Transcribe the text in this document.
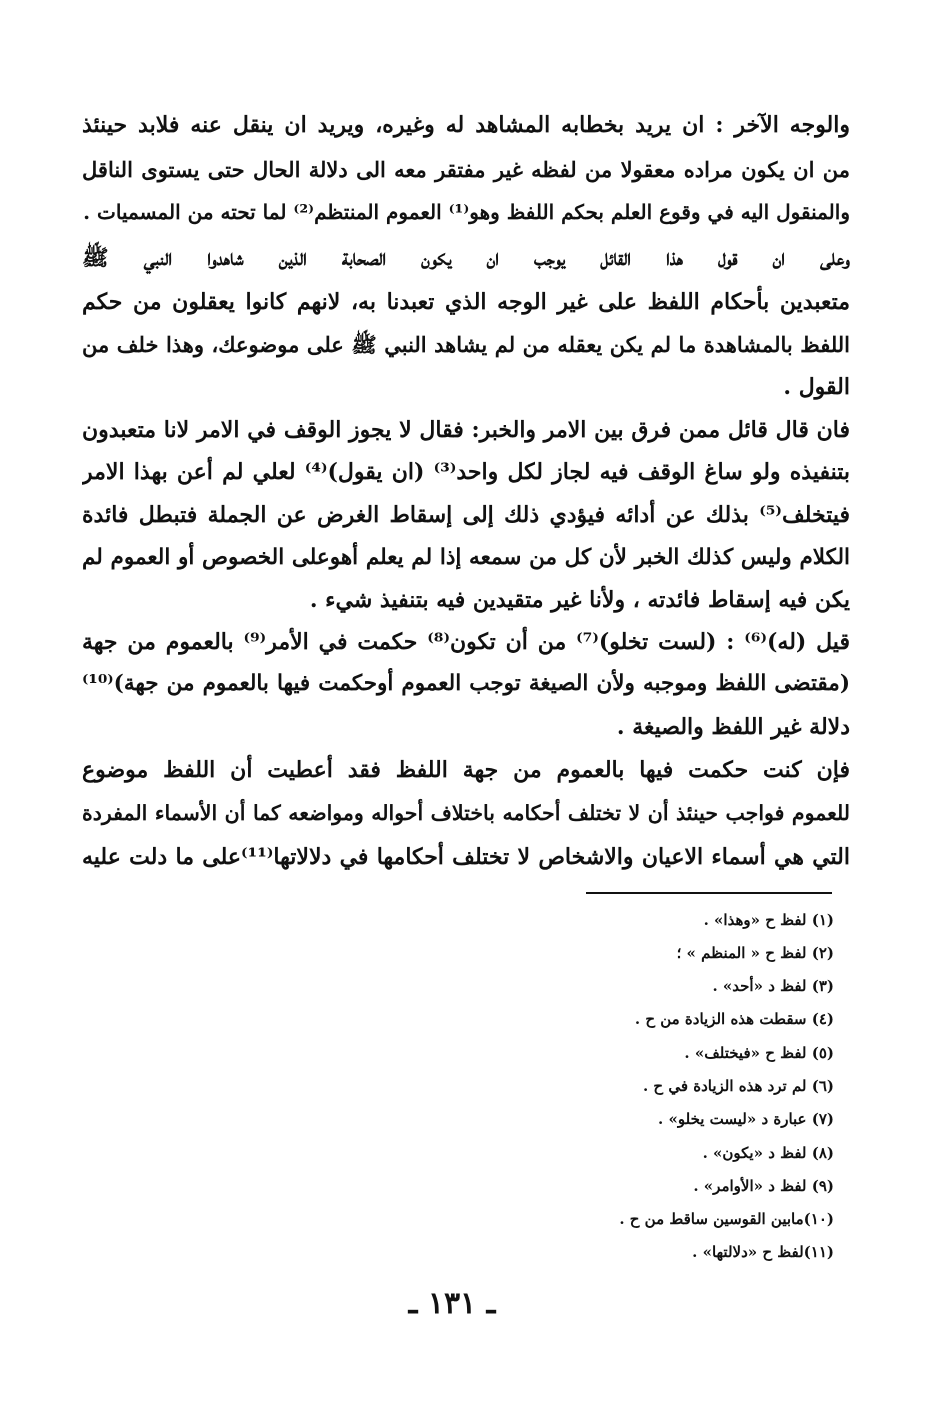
والوجه الآخر : ان يريد بخطابه المشاهد له وغيره، ويريد ان ينقل عنه فلابد حينئذ
من ان يكون مراده معقولا من لفظه غير مفتقر معه الى دلالة الحال حتى يستوى الناقل
والمنقول اليه في وقوع العلم بحكم اللفظ وهو⁽¹⁾ العموم المنتظم⁽²⁾ لما تحته من المسميات .
وعلى ان قول هذا القائل يوجب ان يكون الصحابة الذين شاهدوا النبي ﷺ
متعبدين بأحكام اللفظ على غير الوجه الذي تعبدنا به، لانهم كانوا يعقلون من حكم
اللفظ بالمشاهدة ما لم يكن يعقله من لم يشاهد النبي ﷺ على موضوعك، وهذا خلف من
القول .
فان قال قائل ممن فرق بين الامر والخبر: فقال لا يجوز الوقف في الامر لانا متعبدون
بتنفيذه ولو ساغ الوقف فيه لجاز لكل واحد⁽³⁾ (ان يقول)⁽⁴⁾ لعلي لم أعن بهذا الامر
فيتخلف⁽⁵⁾ بذلك عن أدائه فيؤدي ذلك إلى إسقاط الغرض عن الجملة فتبطل فائدة
الكلام وليس كذلك الخبر لأن كل من سمعه إذا لم يعلم أهوعلى الخصوص أو العموم لم
يكن فيه إسقاط فائدته ، ولأنا غير متقيدين فيه بتنفيذ شيء .
قيل (له)⁽⁶⁾ : (لست تخلو)⁽⁷⁾ من أن تكون⁽⁸⁾ حكمت في الأمر⁽⁹⁾ بالعموم من جهة
(مقتضى اللفظ وموجبه ولأن الصيغة توجب العموم أوحكمت فيها بالعموم من جهة)⁽¹⁰⁾
دلالة غير اللفظ والصيغة .
فإن كنت حكمت فيها بالعموم من جهة اللفظ فقد أعطيت أن اللفظ موضوع
للعموم فواجب حينئذ أن لا تختلف أحكامه باختلاف أحواله ومواضعه كما أن الأسماء المفردة
التي هي أسماء الاعيان والاشخاص لا تختلف أحكامها في دلالاتها⁽¹¹⁾على ما دلت عليه
(١) لفظ ح «وهذا» .
(٢) لفظ ح « المنظم » ؛
(٣) لفظ د «أحد» .
(٤) سقطت هذه الزيادة من ح .
(٥) لفظ ح «فيختلف» .
(٦) لم ترد هذه الزيادة في ح .
(٧) عبارة د «ليست يخلو» .
(٨) لفظ د «يكون» .
(٩) لفظ د «الأوامر» .
(١٠)مابين القوسين ساقط من ح .
(١١)لفظ ح «دلالتها» .
ـ ١٣١ ـ
